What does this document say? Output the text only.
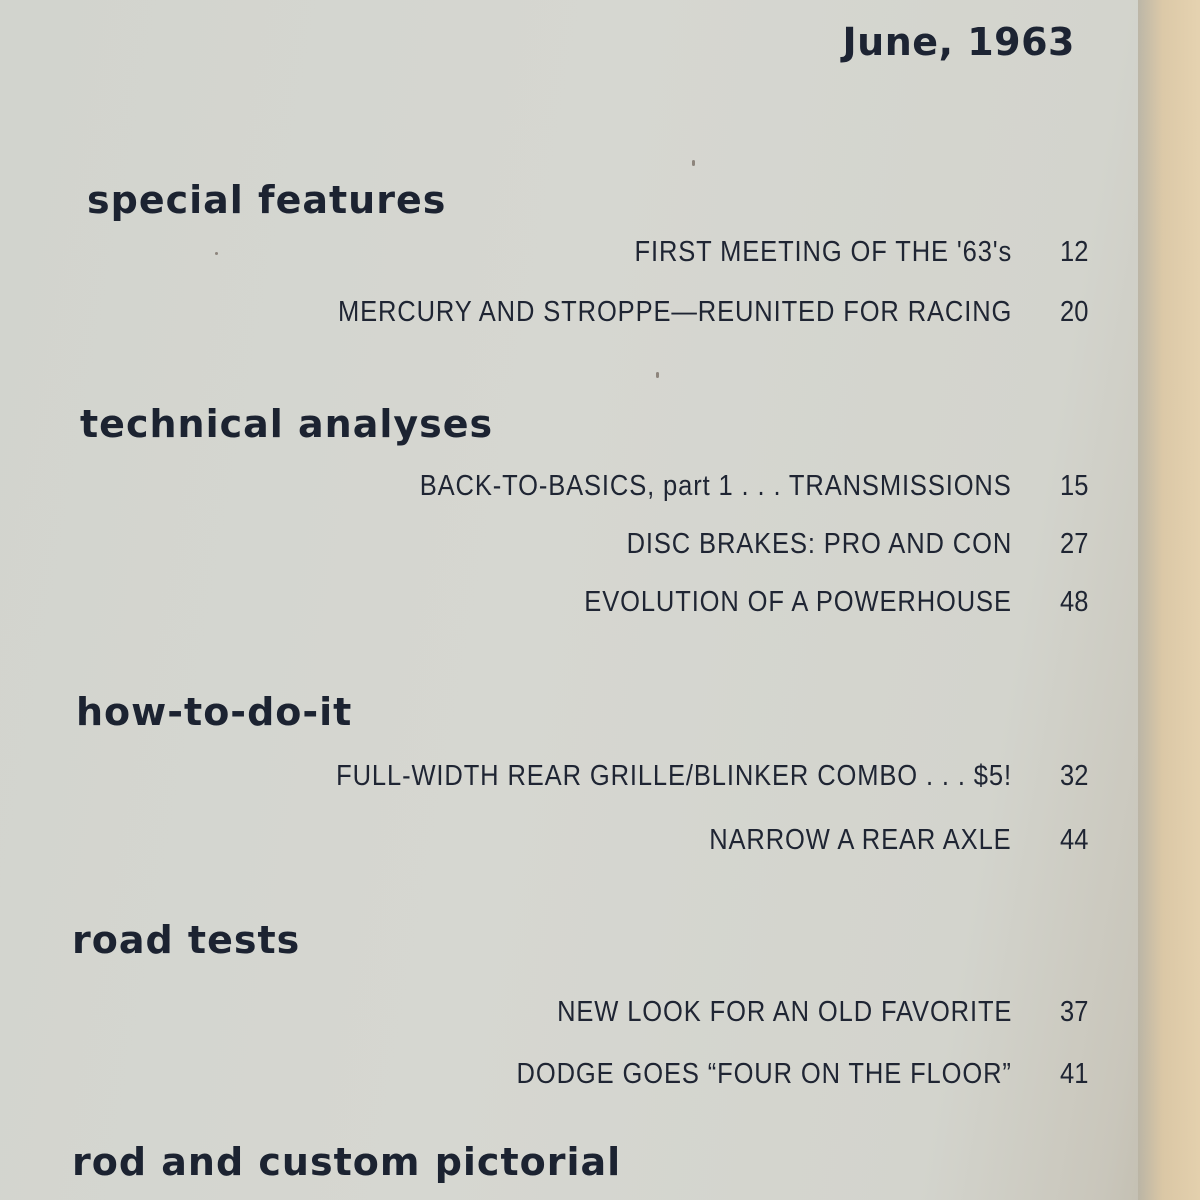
June, 1963
special features
FIRST MEETING OF THE '63's 12
MERCURY AND STROPPE—REUNITED FOR RACING 20
technical analyses
BACK-TO-BASICS, part 1 . . . TRANSMISSIONS 15
DISC BRAKES: PRO AND CON 27
EVOLUTION OF A POWERHOUSE 48
how-to-do-it
FULL-WIDTH REAR GRILLE/BLINKER COMBO . . . $5! 32
NARROW A REAR AXLE 44
road tests
NEW LOOK FOR AN OLD FAVORITE 37
DODGE GOES “FOUR ON THE FLOOR” 41
rod and custom pictorial
